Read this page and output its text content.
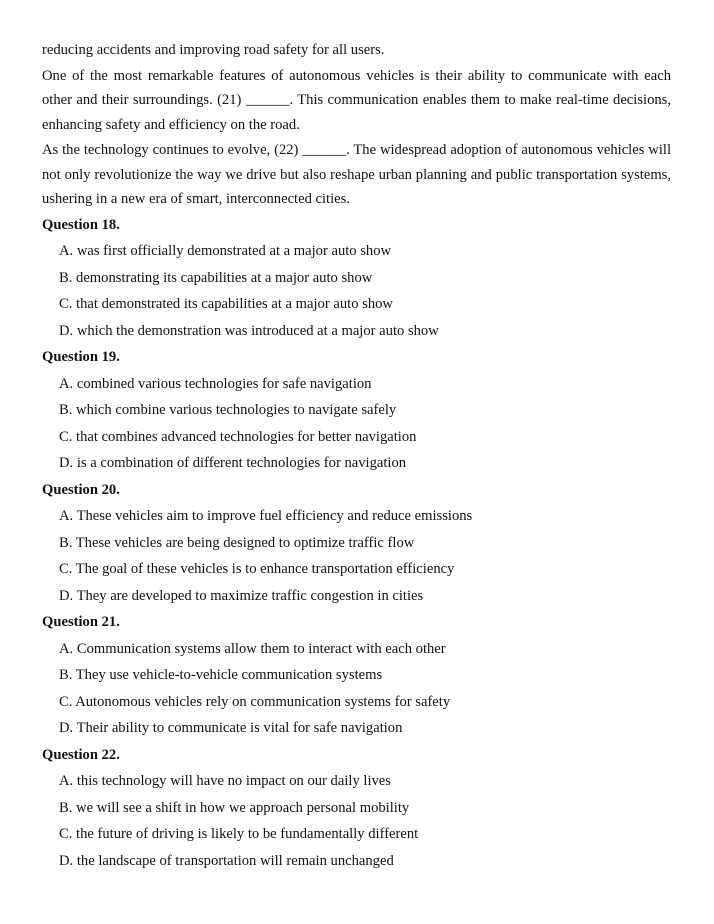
reducing accidents and improving road safety for all users.

One of the most remarkable features of autonomous vehicles is their ability to communicate with each other and their surroundings. (21) ______. This communication enables them to make real-time decisions, enhancing safety and efficiency on the road.

As the technology continues to evolve, (22) ______. The widespread adoption of autonomous vehicles will not only revolutionize the way we drive but also reshape urban planning and public transportation systems, ushering in a new era of smart, interconnected cities.

Question 18.
A. was first officially demonstrated at a major auto show
B. demonstrating its capabilities at a major auto show
C. that demonstrated its capabilities at a major auto show
D. which the demonstration was introduced at a major auto show
Question 19.
A. combined various technologies for safe navigation
B. which combine various technologies to navigate safely
C. that combines advanced technologies for better navigation
D. is a combination of different technologies for navigation
Question 20.
A. These vehicles aim to improve fuel efficiency and reduce emissions
B. These vehicles are being designed to optimize traffic flow
C. The goal of these vehicles is to enhance transportation efficiency
D. They are developed to maximize traffic congestion in cities
Question 21.
A. Communication systems allow them to interact with each other
B. They use vehicle-to-vehicle communication systems
C. Autonomous vehicles rely on communication systems for safety
D. Their ability to communicate is vital for safe navigation
Question 22.
A. this technology will have no impact on our daily lives
B. we will see a shift in how we approach personal mobility
C. the future of driving is likely to be fundamentally different
D. the landscape of transportation will remain unchanged
